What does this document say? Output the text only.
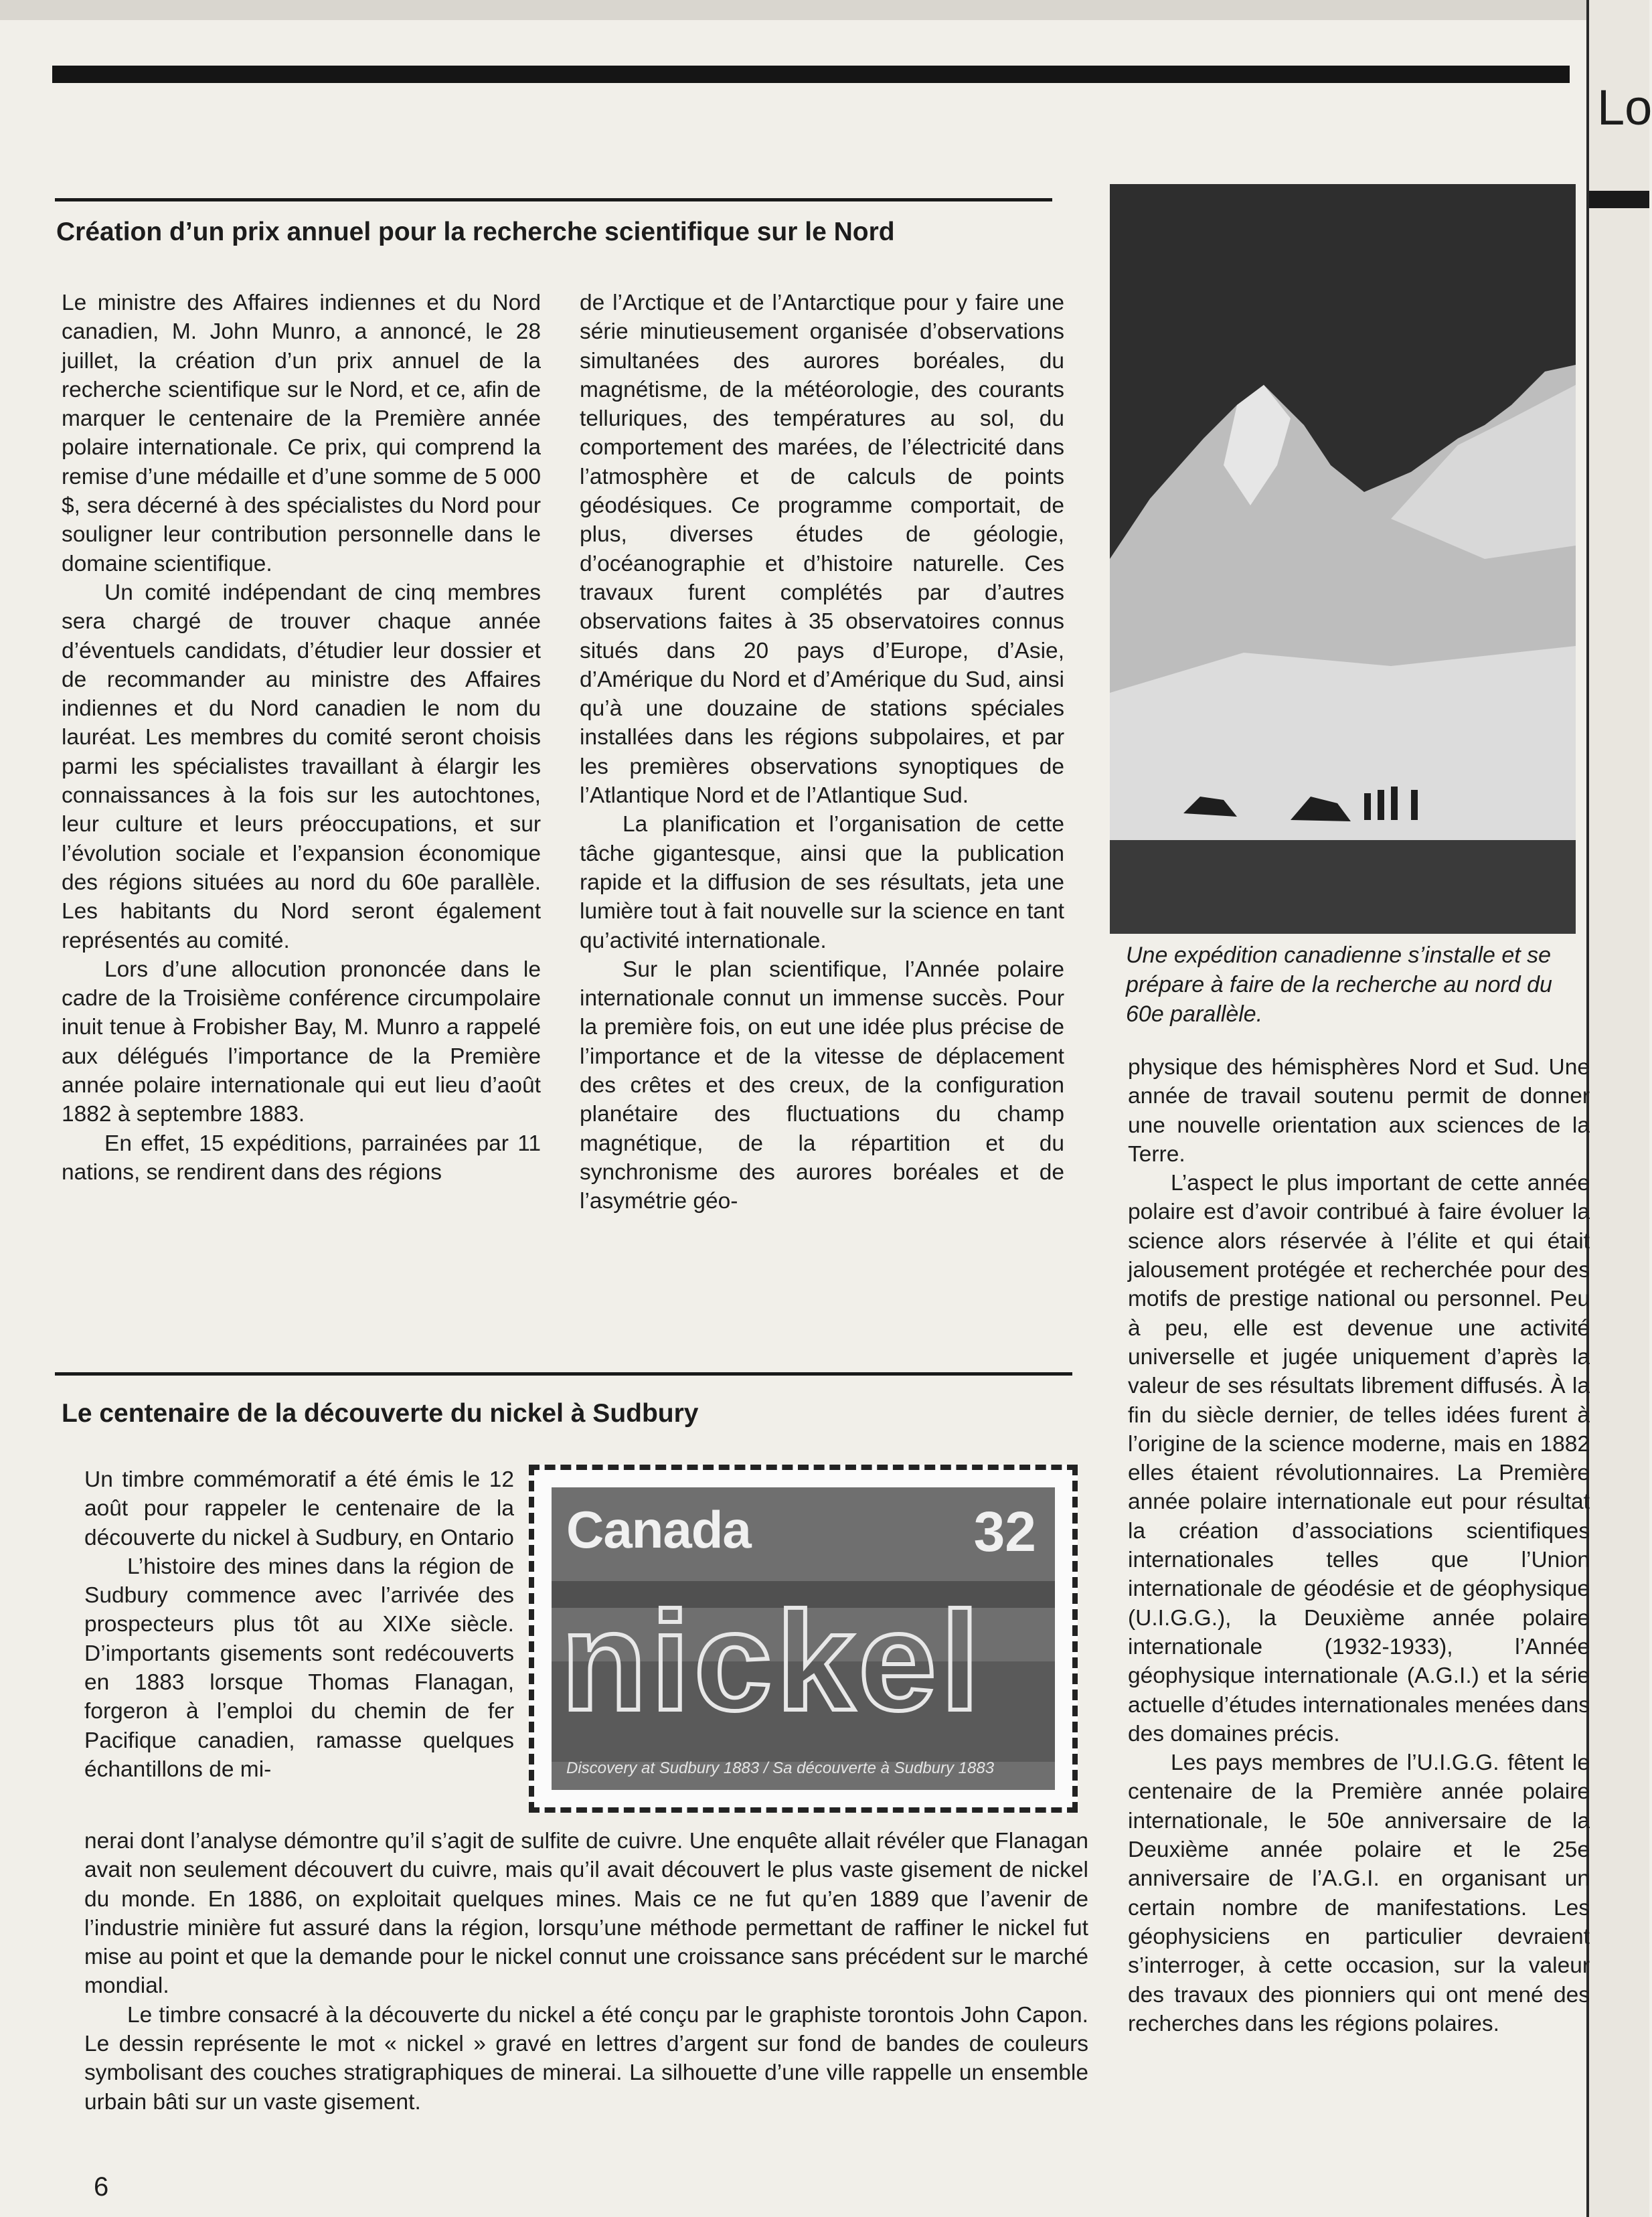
Lo
Création d’un prix annuel pour la recherche scientifique sur le Nord

Le ministre des Affaires indiennes et du Nord canadien, M. John Munro, a annoncé, le 28 juillet, la création d’un prix annuel de la recherche scientifique sur le Nord, et ce, afin de marquer le centenaire de la Première année polaire internationale. Ce prix, qui comprend la remise d’une médaille et d’une somme de 5 000 $, sera décerné à des spécialistes du Nord pour souligner leur contribution personnelle dans le domaine scientifique.

Un comité indépendant de cinq membres sera chargé de trouver chaque année d’éventuels candidats, d’étudier leur dossier et de recommander au ministre des Affaires indiennes et du Nord canadien le nom du lauréat. Les membres du comité seront choisis parmi les spécialistes travaillant à élargir les connaissances à la fois sur les autochtones, leur culture et leurs préoccupations, et sur l’évolution sociale et l’expansion économique des régions situées au nord du 60e parallèle. Les habitants du Nord seront également représentés au comité.

Lors d’une allocution prononcée dans le cadre de la Troisième conférence circumpolaire inuit tenue à Frobisher Bay, M. Munro a rappelé aux délégués l’importance de la Première année polaire internationale qui eut lieu d’août 1882 à septembre 1883.

En effet, 15 expéditions, parrainées par 11 nations, se rendirent dans des régions

de l’Arctique et de l’Antarctique pour y faire une série minutieusement organisée d’observations simultanées des aurores boréales, du magnétisme, de la météorologie, des courants telluriques, des températures au sol, du comportement des marées, de l’électricité dans l’atmosphère et de calculs de points géodésiques. Ce programme comportait, de plus, diverses études de géologie, d’océanographie et d’histoire naturelle. Ces travaux furent complétés par d’autres observations faites à 35 observatoires connus situés dans 20 pays d’Europe, d’Asie, d’Amérique du Nord et d’Amérique du Sud, ainsi qu’à une douzaine de stations spéciales installées dans les régions subpolaires, et par les premières observations synoptiques de l’Atlantique Nord et de l’Atlantique Sud.

La planification et l’organisation de cette tâche gigantesque, ainsi que la publication rapide et la diffusion de ses résultats, jeta une lumière tout à fait nouvelle sur la science en tant qu’activité internationale.

Sur le plan scientifique, l’Année polaire internationale connut un immense succès. Pour la première fois, on eut une idée plus précise de l’importance et de la vitesse de déplacement des crêtes et des creux, de la configuration planétaire des fluctuations du champ magnétique, de la répartition et du synchronisme des aurores boréales et de l’asymétrie géo-

Une expédition canadienne s’installe et se prépare à faire de la recherche au nord du 60e parallèle.

physique des hémisphères Nord et Sud. Une année de travail soutenu permit de donner une nouvelle orientation aux sciences de la Terre.

L’aspect le plus important de cette année polaire est d’avoir contribué à faire évoluer la science alors réservée à l’élite et qui était jalousement protégée et recherchée pour des motifs de prestige national ou personnel. Peu à peu, elle est devenue une activité universelle et jugée uniquement d’après la valeur de ses résultats librement diffusés. À la fin du siècle dernier, de telles idées furent à l’origine de la science moderne, mais en 1882 elles étaient révolutionnaires. La Première année polaire internationale eut pour résultat la création d’associations scientifiques internationales telles que l’Union internationale de géodésie et de géophysique (U.I.G.G.), la Deuxième année polaire internationale (1932-1933), l’Année géophysique internationale (A.G.I.) et la série actuelle d’études internationales menées dans des domaines précis.

Les pays membres de l’U.I.G.G. fêtent le centenaire de la Première année polaire internationale, le 50e anniversaire de la Deuxième année polaire et le 25e anniversaire de l’A.G.I. en organisant un certain nombre de manifestations. Les géophysiciens en particulier devraient s’interroger, à cette occasion, sur la valeur des travaux des pionniers qui ont mené des recherches dans les régions polaires.

Le centenaire de la découverte du nickel à Sudbury

Un timbre commémoratif a été émis le 12 août pour rappeler le centenaire de la découverte du nickel à Sudbury, en Ontario

L’histoire des mines dans la région de Sudbury commence avec l’arrivée des prospecteurs plus tôt au XIXe siècle. D’importants gisements sont redécouverts en 1883 lorsque Thomas Flanagan, forgeron à l’emploi du chemin de fer Pacifique canadien, ramasse quelques échantillons de mi-

Canada	32
nickel
Discovery at Sudbury 1883 / Sa découverte à Sudbury 1883

nerai dont l’analyse démontre qu’il s’agit de sulfite de cuivre. Une enquête allait révéler que Flanagan avait non seulement découvert du cuivre, mais qu’il avait découvert le plus vaste gisement de nickel du monde. En 1886, on exploitait quelques mines. Mais ce ne fut qu’en 1889 que l’avenir de l’industrie minière fut assuré dans la région, lorsqu’une méthode permettant de raffiner le nickel fut mise au point et que la demande pour le nickel connut une croissance sans précédent sur le marché mondial.

Le timbre consacré à la découverte du nickel a été conçu par le graphiste torontois John Capon. Le dessin représente le mot « nickel » gravé en lettres d’argent sur fond de bandes de couleurs symbolisant des couches stratigraphiques de minerai. La silhouette d’une ville rappelle un ensemble urbain bâti sur un vaste gisement.

6
